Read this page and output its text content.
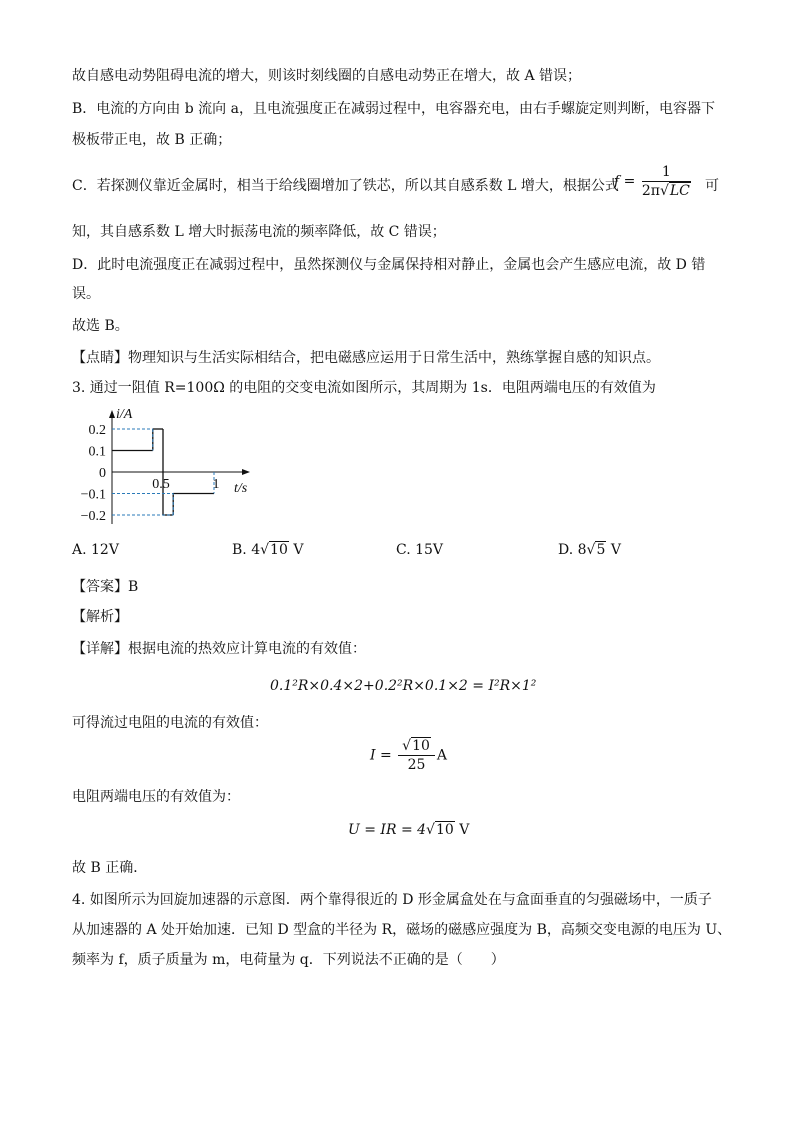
故自感电动势阻碍电流的增大，则该时刻线圈的自感电动势正在增大，故 A 错误；
B．电流的方向由 b 流向 a，且电流强度正在减弱过程中，电容器充电，由右手螺旋定则判断，电容器下
极板带正电，故 B 正确；
C．若探测仪靠近金属时，相当于给线圈增加了铁芯，所以其自感系数 L 增大，根据公式
$f = \frac{1}{2\pi√LC}$ 可
知，其自感系数 L 增大时振荡电流的频率降低，故 C 错误；
D．此时电流强度正在减弱过程中，虽然探测仪与金属保持相对静止，金属也会产生感应电流，故 D 错
误。
故选 B。
【点睛】物理知识与生活实际相结合，把电磁感应运用于日常生活中，熟练掌握自感的知识点。
3. 通过一阻值 R=100Ω 的电阻的交变电流如图所示，其周期为 1s．电阻两端电压的有效值为
i/A
t/s
0.2
0.1
0
−0.1
−0.2
0.5	1
A. 12V	B. 4√10 V	C. 15V	D. 8√5 V
【答案】B
【解析】
【详解】根据电流的热效应计算电流的有效值：
0.1²R×0.4×2+0.2²R×0.1×2 = I²R×1²
可得流过电阻的电流的有效值：
$I = \frac{√10}{25}$ A
电阻两端电压的有效值为：
U = IR = 4√10 V
故 B 正确．
4. 如图所示为回旋加速器的示意图．两个靠得很近的 D 形金属盒处在与盒面垂直的匀强磁场中，一质子
从加速器的 A 处开始加速．已知 D 型盒的半径为 R，磁场的磁感应强度为 B，高频交变电源的电压为 U、
频率为 f，质子质量为 m，电荷量为 q．下列说法不正确的是（　　）
